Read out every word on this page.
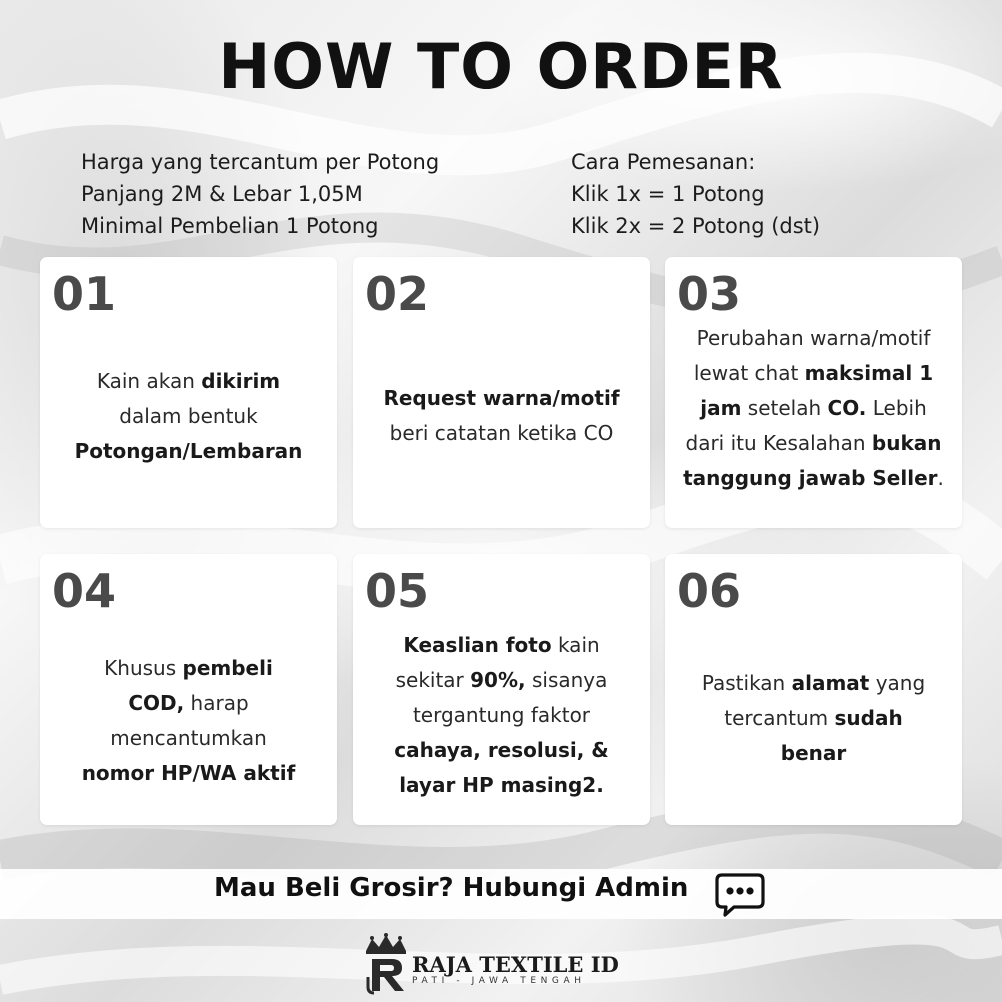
HOW TO ORDER
Harga yang tercantum per Potong
Panjang 2M & Lebar 1,05M
Minimal Pembelian 1 Potong
Cara Pemesanan:
Klik 1x = 1 Potong
Klik 2x = 2 Potong (dst)
01
Kain akan dikirim
dalam bentuk
Potongan/Lembaran
02
Request warna/motif
beri catatan ketika CO
03
Perubahan warna/motif
lewat chat maksimal 1
jam setelah CO. Lebih
dari itu Kesalahan bukan
tanggung jawab Seller.
04
Khusus pembeli
COD, harap
mencantumkan
nomor HP/WA aktif
05
Keaslian foto kain
sekitar 90%, sisanya
tergantung faktor
cahaya, resolusi, &
layar HP masing2.
06
Pastikan alamat yang
tercantum sudah
benar
Mau Beli Grosir? Hubungi Admin
RAJA TEXTILE ID
PATI - JAWA TENGAH
